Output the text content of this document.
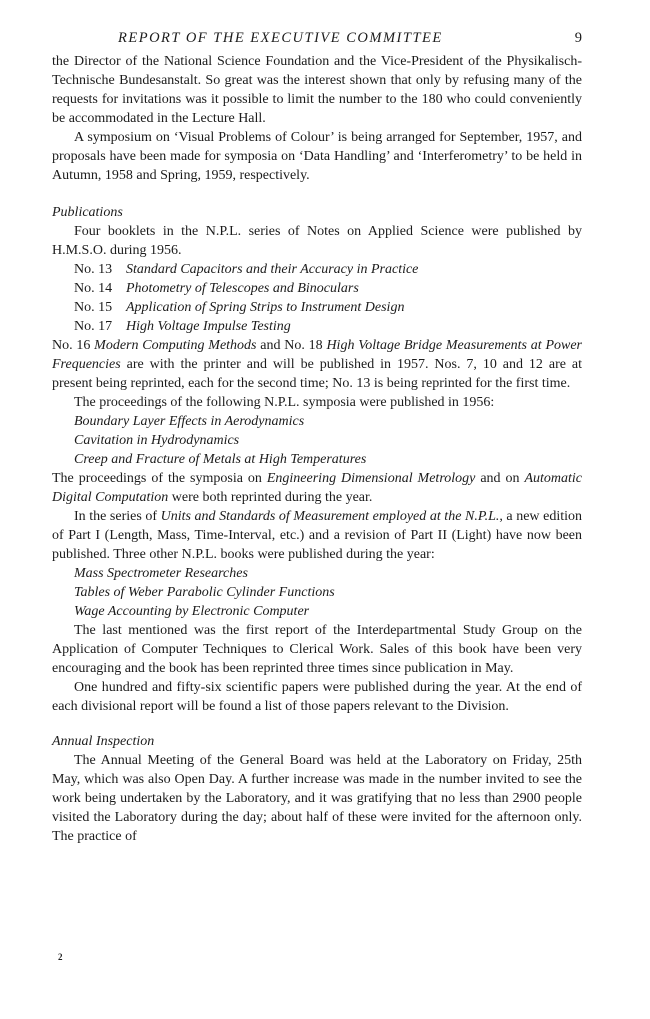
REPORT OF THE EXECUTIVE COMMITTEE	9

the Director of the National Science Foundation and the Vice-President of the Physikalisch-Technische Bundesanstalt. So great was the interest shown that only by refusing many of the requests for invitations was it possible to limit the number to the 180 who could conveniently be accommodated in the Lecture Hall.

A symposium on ‘Visual Problems of Colour’ is being arranged for September, 1957, and proposals have been made for symposia on ‘Data Handling’ and ‘Interferometry’ to be held in Autumn, 1958 and Spring, 1959, respectively.

Publications

Four booklets in the N.P.L. series of Notes on Applied Science were published by H.M.S.O. during 1956.

No. 13 Standard Capacitors and their Accuracy in Practice
No. 14 Photometry of Telescopes and Binoculars
No. 15 Application of Spring Strips to Instrument Design
No. 17 High Voltage Impulse Testing

No. 16 Modern Computing Methods and No. 18 High Voltage Bridge Measurements at Power Frequencies are with the printer and will be published in 1957. Nos. 7, 10 and 12 are at present being reprinted, each for the second time; No. 13 is being reprinted for the first time.

The proceedings of the following N.P.L. symposia were published in 1956:

Boundary Layer Effects in Aerodynamics
Cavitation in Hydrodynamics
Creep and Fracture of Metals at High Temperatures

The proceedings of the symposia on Engineering Dimensional Metrology and on Automatic Digital Computation were both reprinted during the year.

In the series of Units and Standards of Measurement employed at the N.P.L., a new edition of Part I (Length, Mass, Time-Interval, etc.) and a revision of Part II (Light) have now been published. Three other N.P.L. books were published during the year:

Mass Spectrometer Researches
Tables of Weber Parabolic Cylinder Functions
Wage Accounting by Electronic Computer

The last mentioned was the first report of the Interdepartmental Study Group on the Application of Computer Techniques to Clerical Work. Sales of this book have been very encouraging and the book has been reprinted three times since publication in May.

One hundred and fifty-six scientific papers were published during the year. At the end of each divisional report will be found a list of those papers relevant to the Division.

Annual Inspection

The Annual Meeting of the General Board was held at the Laboratory on Friday, 25th May, which was also Open Day. A further increase was made in the number invited to see the work being undertaken by the Laboratory, and it was gratifying that no less than 2900 people visited the Laboratory during the day; about half of these were invited for the afternoon only. The practice of

2
